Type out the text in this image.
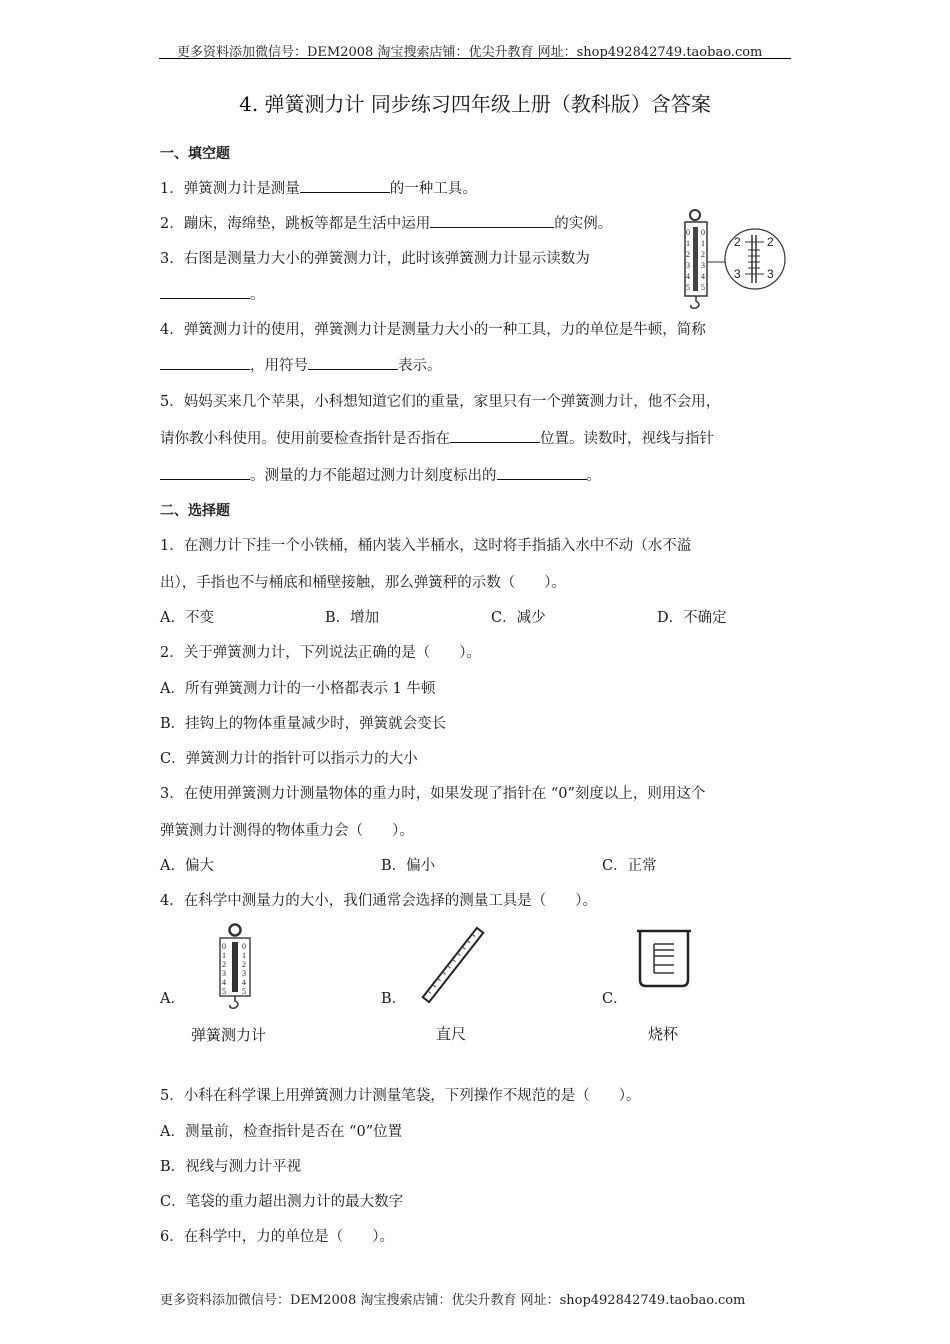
更多资料添加微信号：DEM2008 淘宝搜索店铺：优尖升教育 网址：shop492842749.taobao.com
4. 弹簧测力计 同步练习四年级上册（教科版）含答案
一、填空题
1．弹簧测力计是测量	的一种工具。
2．蹦床，海绵垫，跳板等都是生活中运用	的实例。
3．右图是测量力大小的弹簧测力计，此时该弹簧测力计显示读数为
。
0
1
2
3
4
5
0
1
2
3
4
5
2 2
3 3
4．弹簧测力计的使用，弹簧测力计是测量力大小的一种工具，力的单位是牛顿，简称
，用符号	表示。
5．妈妈买来几个苹果，小科想知道它们的重量，家里只有一个弹簧测力计，他不会用，
请你教小科使用。使用前要检查指针是否指在	位置。读数时，视线与指针
。测量的力不能超过测力计刻度标出的	。
二、选择题
1．在测力计下挂一个小铁桶，桶内装入半桶水，这时将手指插入水中不动（水不溢
出），手指也不与桶底和桶壁接触，那么弹簧秤的示数（　　）。
A．不变	B．增加	C．减少	D．不确定
2．关于弹簧测力计，下列说法正确的是（　　）。
A．所有弹簧测力计的一小格都表示 1 牛顿
B．挂钩上的物体重量减少时，弹簧就会变长
C．弹簧测力计的指针可以指示力的大小
3．在使用弹簧测力计测量物体的重力时，如果发现了指针在 “0”刻度以上，则用这个
弹簧测力计测得的物体重力会（　　）。
A．偏大	B．偏小	C．正常
4．在科学中测量力的大小，我们通常会选择的测量工具是（　　）。
A．
0
1
2
3
4
5
0
1
2
3
4
5
弹簧测力计
B．
直尺
C．
烧杯
5．小科在科学课上用弹簧测力计测量笔袋，下列操作不规范的是（　　）。
A．测量前，检查指针是否在 “0”位置
B．视线与测力计平视
C．笔袋的重力超出测力计的最大数字
6．在科学中，力的单位是（　　）。
更多资料添加微信号：DEM2008 淘宝搜索店铺：优尖升教育 网址：shop492842749.taobao.com
